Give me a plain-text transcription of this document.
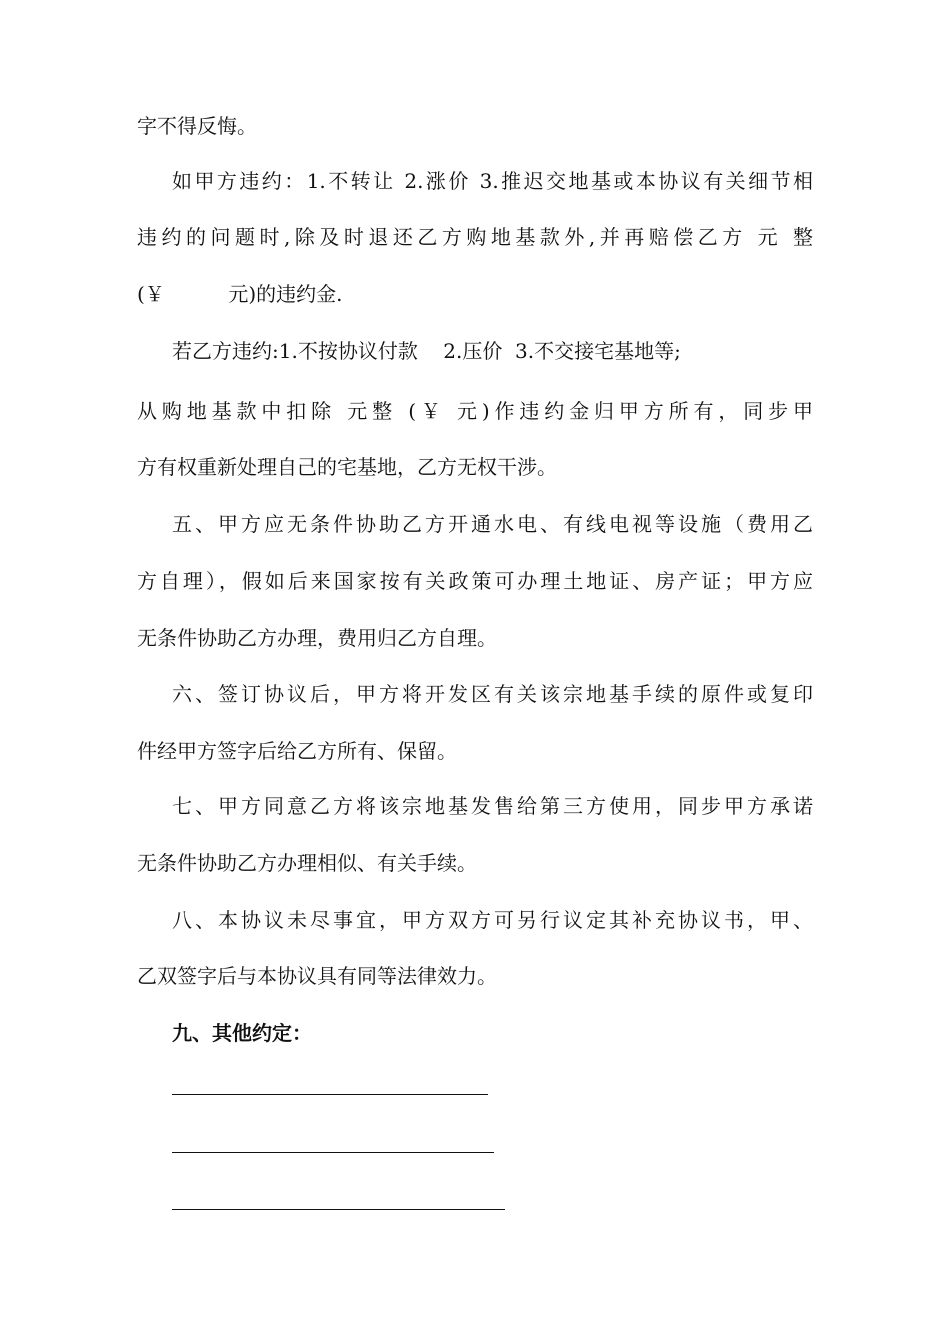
字不得反悔。
如甲方违约：1.不转让 2.涨价 3.推迟交地基或本协议有关细节相
违约的问题时,除及时退还乙方购地基款外,并再赔偿乙方 元 整
(￥          元)的违约金.
若乙方违约:1.不按协议付款    2.压价  3.不交接宅基地等;
从购地基款中扣除 元整 (￥ 元)作违约金归甲方所有，同步甲
方有权重新处理自己的宅基地，乙方无权干涉。
五、甲方应无条件协助乙方开通水电、有线电视等设施（费用乙
方自理），假如后来国家按有关政策可办理土地证、房产证；甲方应
无条件协助乙方办理，费用归乙方自理。
六、签订协议后，甲方将开发区有关该宗地基手续的原件或复印
件经甲方签字后给乙方所有、保留。
七、甲方同意乙方将该宗地基发售给第三方使用，同步甲方承诺
无条件协助乙方办理相似、有关手续。
八、本协议未尽事宜，甲方双方可另行议定其补充协议书，甲、
乙双签字后与本协议具有同等法律效力。
九、其他约定：
